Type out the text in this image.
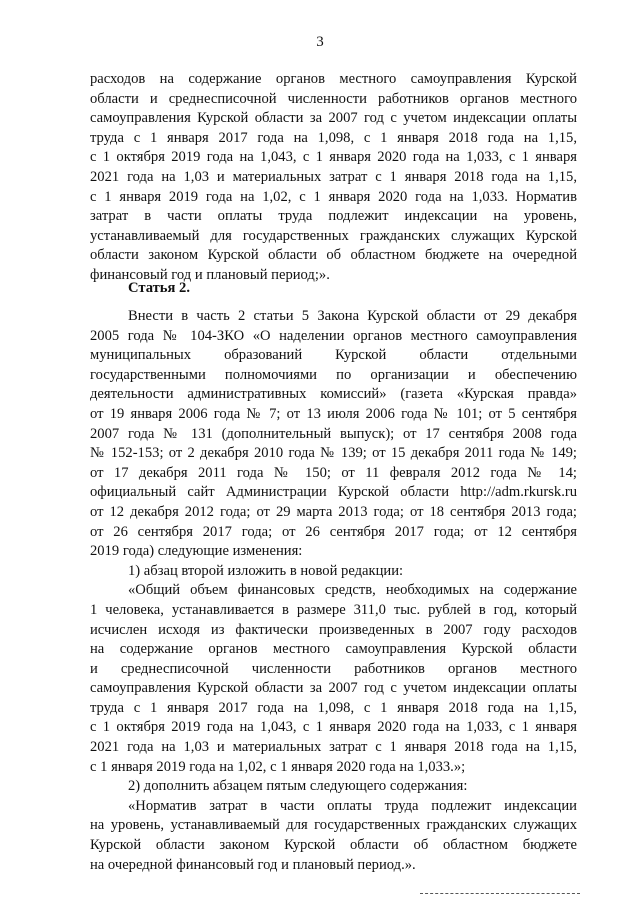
3
расходов на содержание органов местного самоуправления Курской
области и среднесписочной численности работников органов местного
самоуправления Курской области за 2007 год с учетом индексации оплаты
труда с 1 января 2017 года на 1,098, с 1 января 2018 года на 1,15,
с 1 октября 2019 года на 1,043, с 1 января 2020 года на 1,033, с 1 января
2021 года на 1,03 и материальных затрат с 1 января 2018 года на 1,15,
с 1 января 2019 года на 1,02, с 1 января 2020 года на 1,033. Норматив
затрат в части оплаты труда подлежит индексации на уровень,
устанавливаемый для государственных гражданских служащих Курской
области законом Курской области об областном бюджете на очередной
финансовый год и плановый период;».
Статья 2.
Внести в часть 2 статьи 5 Закона Курской области от 29 декабря
2005 года № 104-ЗКО «О наделении органов местного самоуправления
муниципальных образований Курской области отдельными
государственными полномочиями по организации и обеспечению
деятельности административных комиссий» (газета «Курская правда»
от 19 января 2006 года № 7; от 13 июля 2006 года № 101; от 5 сентября
2007 года № 131 (дополнительный выпуск); от 17 сентября 2008 года
№ 152-153; от 2 декабря 2010 года № 139; от 15 декабря 2011 года № 149;
от 17 декабря 2011 года № 150; от 11 февраля 2012 года № 14;
официальный сайт Администрации Курской области http://adm.rkursk.ru
от 12 декабря 2012 года; от 29 марта 2013 года; от 18 сентября 2013 года;
от 26 сентября 2017 года; от 26 сентября 2017 года; от 12 сентября
2019 года) следующие изменения:
1) абзац второй изложить в новой редакции:
«Общий объем финансовых средств, необходимых на содержание
1 человека, устанавливается в размере 311,0 тыс. рублей в год, который
исчислен исходя из фактически произведенных в 2007 году расходов
на содержание органов местного самоуправления Курской области
и среднесписочной численности работников органов местного
самоуправления Курской области за 2007 год с учетом индексации оплаты
труда с 1 января 2017 года на 1,098, с 1 января 2018 года на 1,15,
с 1 октября 2019 года на 1,043, с 1 января 2020 года на 1,033, с 1 января
2021 года на 1,03 и материальных затрат с 1 января 2018 года на 1,15,
с 1 января 2019 года на 1,02, с 1 января 2020 года на 1,033.»;
2) дополнить абзацем пятым следующего содержания:
«Норматив затрат в части оплаты труда подлежит индексации
на уровень, устанавливаемый для государственных гражданских служащих
Курской области законом Курской области об областном бюджете
на очередной финансовый год и плановый период.».
